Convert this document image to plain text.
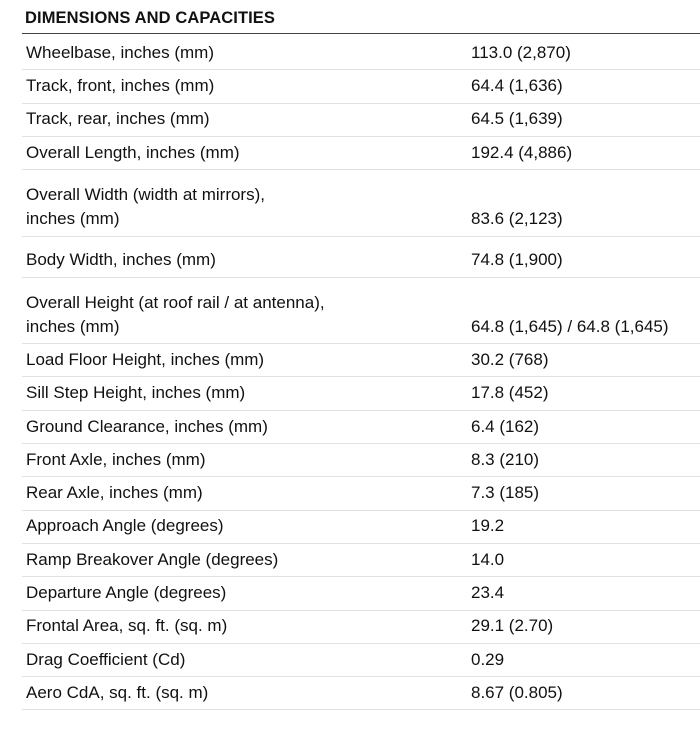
DIMENSIONS AND CAPACITIES
Wheelbase, inches (mm)	113.0 (2,870)
Track, front, inches (mm)	64.4 (1,636)
Track, rear, inches (mm)	64.5 (1,639)
Overall Length, inches (mm)	192.4 (4,886)
Overall Width (width at mirrors),
inches (mm)	83.6 (2,123)
Body Width, inches (mm)	74.8 (1,900)
Overall Height (at roof rail / at antenna),
inches (mm)	64.8 (1,645) / 64.8 (1,645)
Load Floor Height, inches (mm)	30.2 (768)
Sill Step Height, inches (mm)	17.8 (452)
Ground Clearance, inches (mm)	6.4 (162)
Front Axle, inches (mm)	8.3 (210)
Rear Axle, inches (mm)	7.3 (185)
Approach Angle (degrees)	19.2
Ramp Breakover Angle (degrees)	14.0
Departure Angle (degrees)	23.4
Frontal Area, sq. ft. (sq. m)	29.1 (2.70)
Drag Coefficient (Cd)	0.29
Aero CdA, sq. ft. (sq. m)	8.67 (0.805)
